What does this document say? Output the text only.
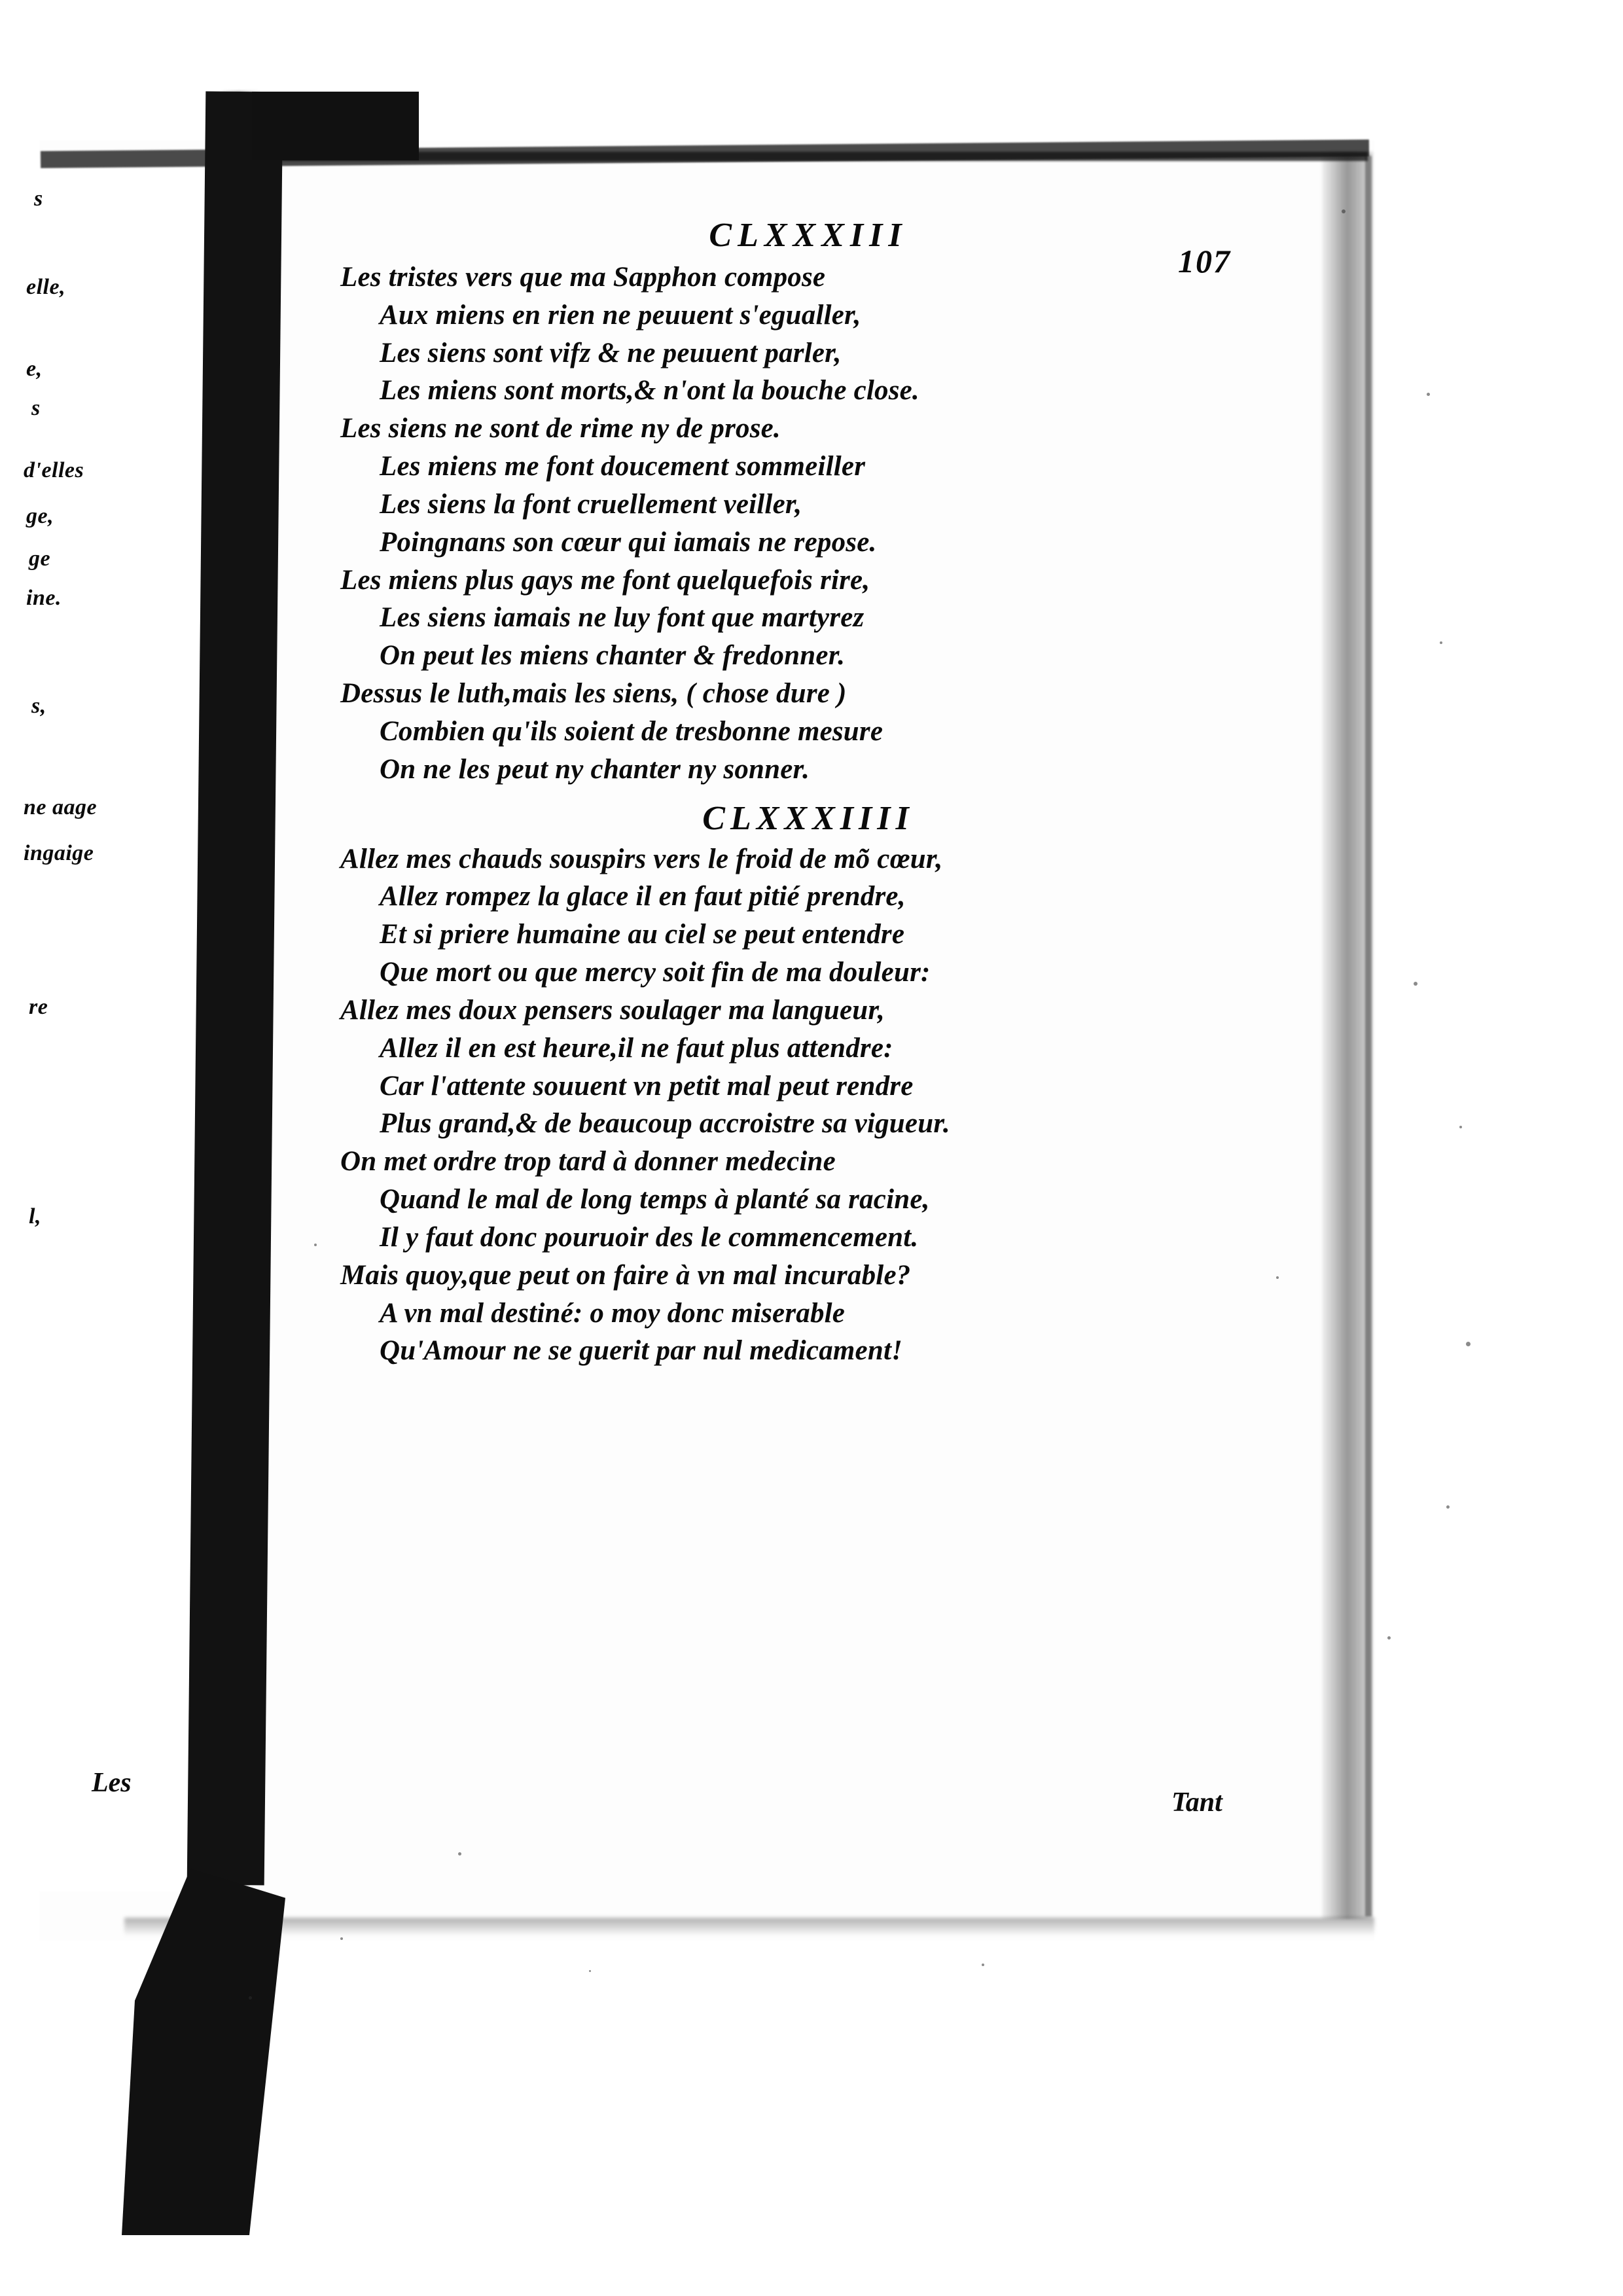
107
s
elle,
e,
s
d'elles
ge,
ge
ine.
s,
ne aage
ingaige
re
l,
CLXXXIII
Les tristes vers que ma Sapphon compose
Aux miens en rien ne peuuent s'egualler,
Les siens sont vifz & ne peuuent parler,
Les miens sont morts,& n'ont la bouche close.
Les siens ne sont de rime ny de prose.
Les miens me font doucement sommeiller
Les siens la font cruellement veiller,
Poingnans son cœur qui iamais ne repose.
Les miens plus gays me font quelquefois rire,
Les siens iamais ne luy font que martyrez
On peut les miens chanter & fredonner.
Dessus le luth,mais les siens, ( chose dure )
Combien qu'ils soient de tresbonne mesure
On ne les peut ny chanter ny sonner.
CLXXXIIII
Allez mes chauds souspirs vers le froid de mõ cœur,
Allez rompez la glace il en faut pitié prendre,
Et si priere humaine au ciel se peut entendre
Que mort ou que mercy soit fin de ma douleur:
Allez mes doux pensers soulager ma langueur,
Allez il en est heure,il ne faut plus attendre:
Car l'attente souuent vn petit mal peut rendre
Plus grand,& de beaucoup accroistre sa vigueur.
On met ordre trop tard à donner medecine
Quand le mal de long temps à planté sa racine,
Il y faut donc pouruoir des le commencement.
Mais quoy,que peut on faire à vn mal incurable?
A vn mal destiné: o moy donc miserable
Qu'Amour ne se guerit par nul medicament!
Les
Tant
